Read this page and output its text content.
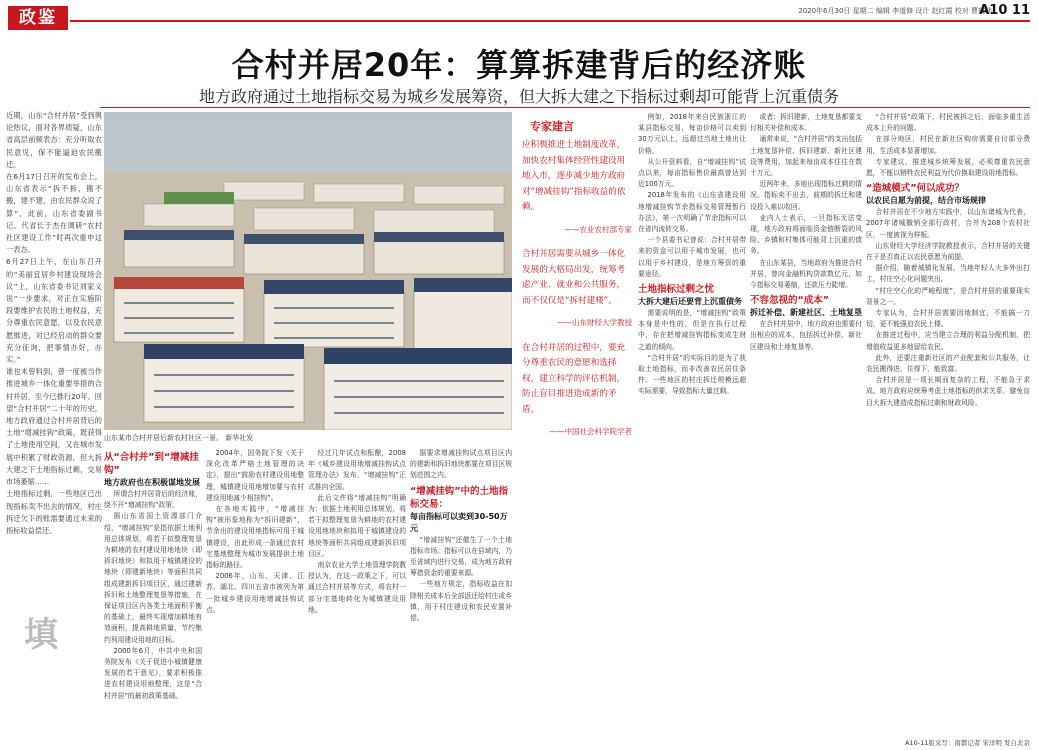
政鉴	2020年6月30日 星期二 编辑 李道修 设计 赵红霞 校对 曹玟玮
A10 11
合村并居20年：算算拆建背后的经济账
地方政府通过土地指标交易为城乡发展筹资，但大拆大建之下指标过剩却可能背上沉重债务

近期，山东“合村并居”受到舆论热议，面对各界质疑，山东省高层前频表态：充分听取农民意见，保不能逼迫农民搬迁。

在6月17日召开的发布会上，山东省表示“拆不拆，搬不搬，建不建，由农民群众说了算”，此前，山东省委副书记、代省长于杰在调研“农村社区建设工作”时再次重申这一表态。

6月27日上午，在山东召开的“美丽宜居乡村建设现场会议”上，山东省委书记刘家义说“一步要求，对正在实施阶段要维护农民的土地权益，充分尊重农民意愿，以及农民意愿推进，对已经启动的群众要充分征询，把事情办好，办实。”

谁也未曾料到，曾一度被当作推进城乡一体化重要举措的合村并居，至今已推行20年。回望“合村并居”二十年的历史，地方政府通过合村并居背后的土地“增减挂钩”政策，既获得了土地使用空间，又在城市发展中积累了财政资源，但大拆大建之下土地指标过剩，交易市场萎缩……

土地指标过剩，一些地区已出现指标卖不出去的情况，村庄拆迁欠下的账需要通过未来的指标收益偿还。

填
山东某市合村并居后新农村社区一景。 新华社发
从“合村并”到“增减挂钩”
地方政府也在积极谋地发展

所谓合村并居背后的经济账，绕不开“增减挂钩”政策。

据山东省国土资源部门介绍，“增减挂钩”是指依据土地利用总体规划，将若干拟整理复垦为耕地的农村建设用地地块（即拆旧地块）和拟用于城镇建设的地块（即建新地块）等面积共同组成建新拆旧项目区，通过建新拆旧和土地整理复垦等措施，在保证项目区内各类土地面积平衡的基础上，最终实现增加耕地有效面积，提高耕地质量，节约集约利用建设用地的目标。

2000年6月，中共中央和国务院发布《关于促进小城镇健康发展的若干意见》，要求积极推进农村建设用地整理，这是“合村并居”的最初政策基础。

2004年，国务院下发《关于深化改革严格土地管理的决定》，提出“鼓励农村建设用地整理，城镇建设用地增加要与农村建设用地减少相挂钩”。

在各地实践中，“增减挂钩”被形象地称为“拆旧建新”，节余出的建设用地指标可用于城镇建设，由此形成一条通过农村宅基地整理为城市发展提供土地指标的路径。

2006年，山东、天津、江苏、湖北、四川五省市被列为第一批城乡建设用地增减挂钩试点。

经过几年试点和酝酿，2008年《城乡建设用地增减挂钩试点管理办法》发布，“增减挂钩”正式推向全国。

此后文件将“增减挂钩”明确为：依据土地利用总体规划，将若干拟整理复垦为耕地的农村建设用地地块和拟用于城镇建设的地块等面积共同组成建新拆旧项目区。

南京农业大学土地管理学院教授认为，在这一政策之下，可以通过合村并居等方式，将农村一部分宅基地转化为城镇建设用地。

据要求增减挂钩试点项目区内的建新和拆旧地块都要在项目区规划范围之内。

“增减挂钩”中的土地指标交易：
每亩指标可以卖到30-50万元

“增减挂钩”还催生了一个土地指标市场。指标可以在县域内，乃至省域内进行交易，成为地方政府筹措资金的重要来源。

一些地方规定，指标收益在扣除相关成本后全部返还给村庄或乡镇，用于村庄建设和农民安置补偿。

专家建言

应积极推进土地制度改革，加快农村集体经营性建设用地入市，逐步减少地方政府对“增减挂钩”指标收益的依赖。

——农业农村部专家

合村并居需要从城乡一体化发展的大格局出发，统筹考虑产业、就业和公共服务，而不仅仅是“拆村建楼”。

——山东财经大学教授

在合村并居的过程中，要充分尊重农民的意愿和选择权，建立科学的评估机制，防止盲目推进造成新的矛盾。

——中国社会科学院学者

例如，2018年来自民族浙江的某县指标交易，每亩价格可以卖到30万元以上，远超过当地土地出让价格。

从公开资料看，自“增减挂钩”试点以来，每亩指标售价最高曾达到近100万元。

2018年发布的《山东省建设用地增减挂钩节余指标交易管理暂行办法》，第一次明确了节余指标可以在省内流转交易。

一个县委书记曾说：合村并居带来的资金可以用于城市发展，也可以用于乡村建设，是地方筹资的重要途径。

土地指标过剩之忧
大拆大建后还要背上沉重债务

需要说明的是，“增减挂钩”政策本身是中性的，但是在执行过程中，存在把增减挂钩指标变成生财之道的倾向。

“合村并居”的实际目的是为了获取土地指标，而非改善农民居住条件。一些地区的村庄拆迁规模远超实际需要，导致指标大量过剩。

或者：拆旧建新，土地复垦都要支付相关补偿和成本。

通常来说，“合村并居”的支出包括土地复垦补偿、拆旧建新、新社区建设等费用，加起来每亩成本往往在数十万元。

近两年来，多地出现指标过剩的情况。指标卖不出去，前期的拆迁和建设投入难以收回。

业内人士表示，一旦指标无法变现，地方政府将面临资金链断裂的风险，乡镇和村集体可能背上沉重的债务。

在山东某县，当地政府为推进合村并居，曾向金融机构贷款数亿元，如今指标交易萎缩，还款压力陡增。

不容忽视的“成本”
拆迁补偿、新建社区、土地复垦

在合村并居中，地方政府也需要付出相应的成本，包括拆迁补偿、新社区建设和土地复垦等。

“合村并居”政策下，村民被拆之后，面临多重生活成本上升的问题。

在部分地区，村民在新社区购房需要自付部分费用，生活成本显著增加。

专家建议，推进城乡统筹发展，必须尊重农民意愿，不能以牺牲农民利益为代价换取建设用地指标。

“造城模式”何以成功？
以农民自愿为前提，结合市场规律

合村并居在不少地方实践中，以山东诸城为代表，2007年诸城撤销全部行政村，合并为208个农村社区，一度被视为样板。

山东财经大学经济学院教授表示，合村并居的关键在于是否真正以农民意愿为前提。

据介绍，随着城镇化发展，当地年轻人大多外出打工，村庄空心化问题突出。

“村庄空心化的严峻程度”，是合村并居的重要现实背景之一。

专家认为，合村并居需要因地制宜，不能搞一刀切，更不能强迫农民上楼。

在推进过程中，应当建立合理的利益分配机制，把增值收益更多地留给农民。

此外，还要注重新社区的产业配套和公共服务，让农民搬得进、住得下、能致富。

合村并居是一项长期而复杂的工程，不能急于求成。地方政府应统筹考虑土地指标的供求关系，避免盲目大拆大建造成指标过剩和财政风险。

A10-11版采写：南都记者 宋洋明 发自北京
